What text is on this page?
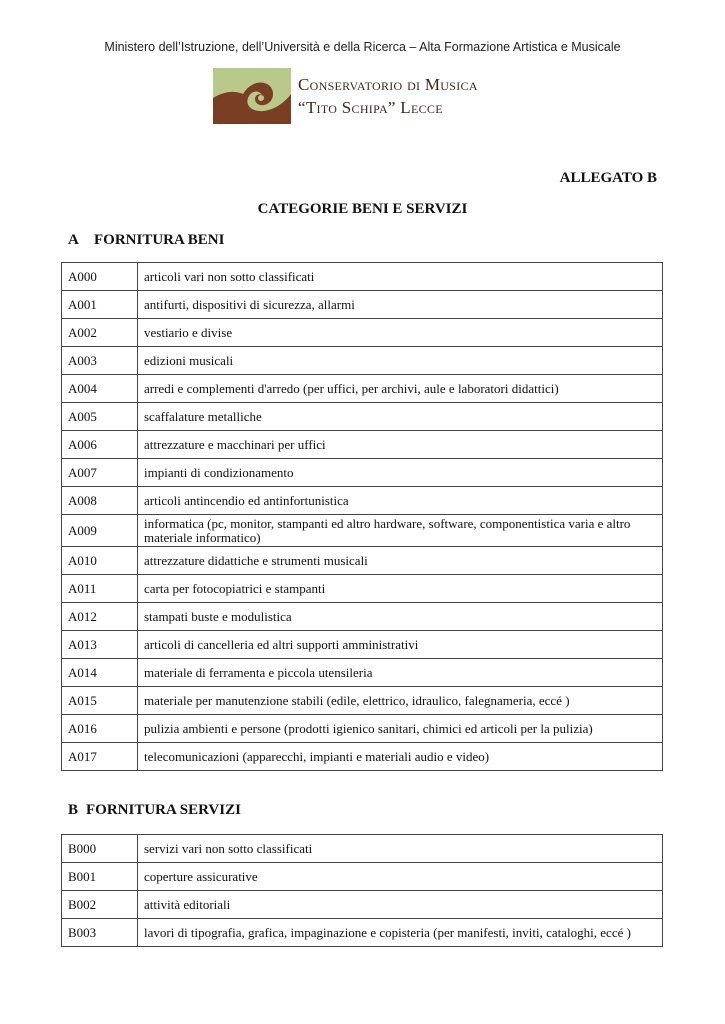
Ministero dell’Istruzione, dell’Università e della Ricerca – Alta Formazione Artistica e Musicale
Conservatorio di Musica
“Tito Schipa” Lecce
ALLEGATO B
CATEGORIE BENI E SERVIZI
A FORNITURA BENI
A000	articoli vari non sotto classificati
A001	antifurti, dispositivi di sicurezza, allarmi
A002	vestiario e divise
A003	edizioni musicali
A004	arredi e complementi d'arredo (per uffici, per archivi, aule e laboratori didattici)
A005	scaffalature metalliche
A006	attrezzature e macchinari per uffici
A007	impianti di condizionamento
A008	articoli antincendio ed antinfortunistica
A009	informatica (pc, monitor, stampanti ed altro hardware, software, componentistica varia e altro materiale informatico)
A010	attrezzature didattiche e strumenti musicali
A011	carta per fotocopiatrici e stampanti
A012	stampati buste e modulistica
A013	articoli di cancelleria ed altri supporti amministrativi
A014	materiale di ferramenta e piccola utensileria
A015	materiale per manutenzione stabili (edile, elettrico, idraulico, falegnameria, eccé )
A016	pulizia ambienti e persone (prodotti igienico sanitari, chimici ed articoli per la pulizia)
A017	telecomunicazioni (apparecchi, impianti e materiali audio e video)
B FORNITURA SERVIZI
B000	servizi vari non sotto classificati
B001	coperture assicurative
B002	attività editoriali
B003	lavori di tipografia, grafica, impaginazione e copisteria (per manifesti, inviti, cataloghi, eccé )
